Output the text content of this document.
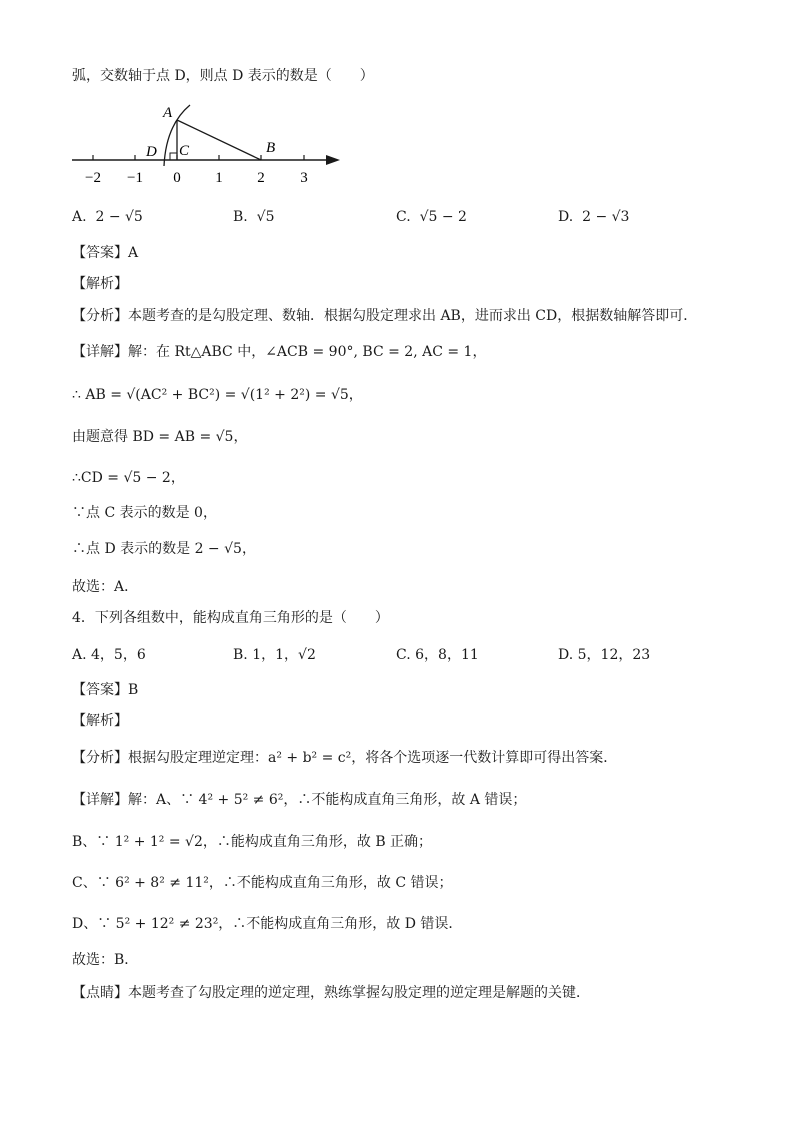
弧，交数轴于点 D，则点 D 表示的数是（　　）
A
B
C
D
−2 −1 0 1 2 3
A. 2 − √5	B. √5	C. √5 − 2	D. 2 − √3
【答案】A
【解析】
【分析】本题考查的是勾股定理、数轴．根据勾股定理求出 AB，进而求出 CD，根据数轴解答即可．
【详解】解：在 Rt△ABC 中，∠ACB = 90°, BC = 2, AC = 1，
∴ AB = √(AC² + BC²) = √(1² + 2²) = √5，
由题意得 BD = AB = √5，
∴CD = √5 − 2，
∵点 C 表示的数是 0，
∴点 D 表示的数是 2 − √5，
故选：A．
4．下列各组数中，能构成直角三角形的是（　　）
A. 4，5，6	B. 1，1，√2	C. 6，8，11	D. 5，12，23
【答案】B
【解析】
【分析】根据勾股定理逆定理：a² + b² = c²，将各个选项逐一代数计算即可得出答案．
【详解】解：A、∵ 4² + 5² ≠ 6²，∴不能构成直角三角形，故 A 错误；
B、∵ 1² + 1² = √2，∴能构成直角三角形，故 B 正确；
C、∵ 6² + 8² ≠ 11²，∴不能构成直角三角形，故 C 错误；
D、∵ 5² + 12² ≠ 23²，∴不能构成直角三角形，故 D 错误．
故选：B．
【点睛】本题考查了勾股定理的逆定理，熟练掌握勾股定理的逆定理是解题的关键．
